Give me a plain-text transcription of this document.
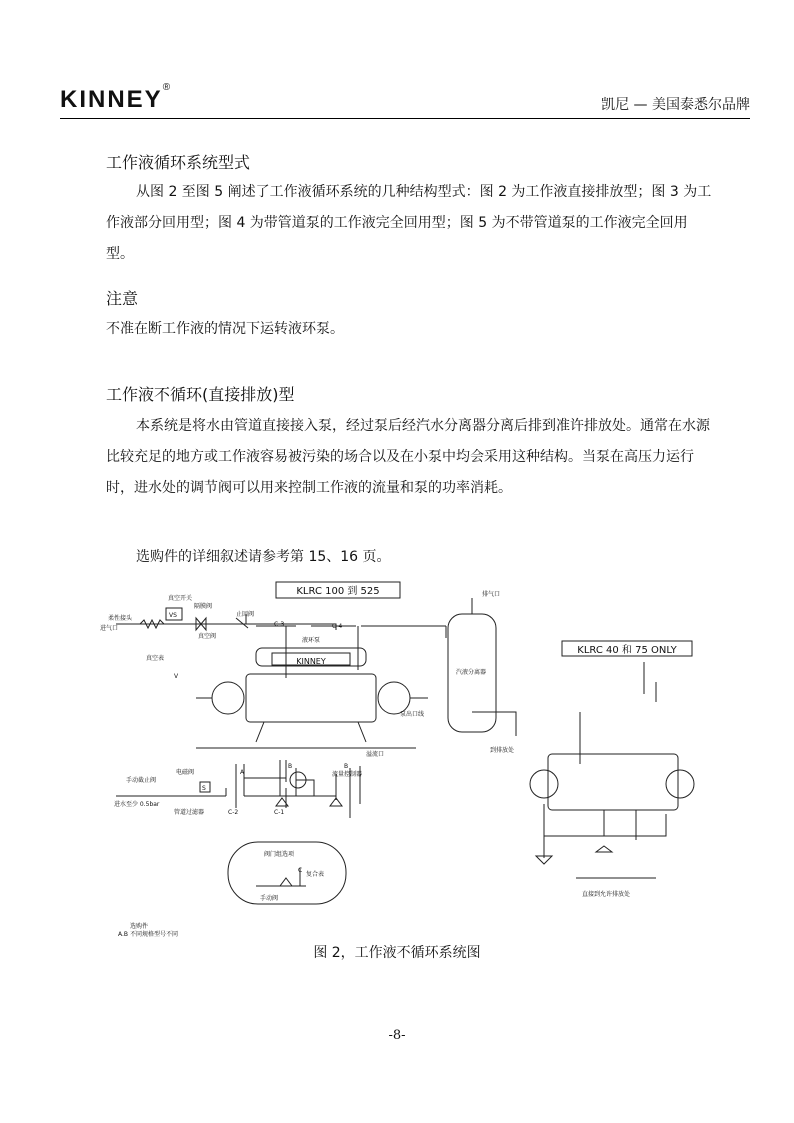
KINNEY®
凯尼 — 美国泰悉尔品牌
工作液循环系统型式
从图 2 至图 5 阐述了工作液循环系统的几种结构型式：图 2 为工作液直接排放型；图 3 为工作液部分回用型；图 4 为带管道泵的工作液完全回用型；图 5 为不带管道泵的工作液完全回用型。
注意
不准在断工作液的情况下运转液环泵。
工作液不循环(直接排放)型
本系统是将水由管道直接接入泵，经过泵后经汽水分离器分离后排到准许排放处。通常在水源比较充足的地方或工作液容易被污染的场合以及在小泵中均会采用这种结构。当泵在高压力运行时，进水处的调节阀可以用来控制工作液的流量和泵的功率消耗。
选购件的详细叙述请参考第 15、16 页。
KLRC 100 到 525
KLRC 40 和 75 ONLY
KINNEY
真空开关
VS
隔膜阀
止回阀
进气口
柔性接头
真空阀
真空表
V
C-3	C-4
液环泵
汽液分离器
排气口
泵出口线
到排放处
手动截止阀
电磁阀
S
进水至少 0.5bar
管道过滤器
A
B	B
C-1
C-2
溢流口
流量控制器
阀门组选项
C
复合表
手动阀
选购件
A.B 不同规格型号不同
直接到允许排放处
图 2，工作液不循环系统图
-8-
